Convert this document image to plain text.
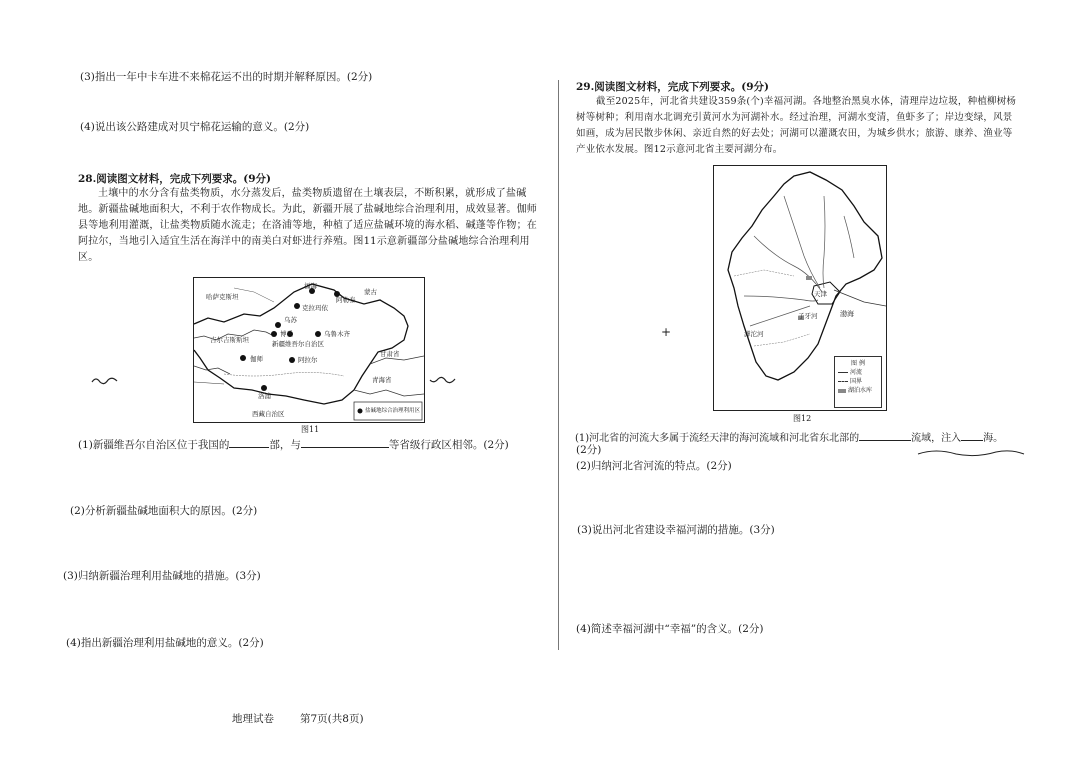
(3)指出一年中卡车进不来棉花运不出的时期并解释原因。(2分)
(4)说出该公路建成对贝宁棉花运输的意义。(2分)
28.阅读图文材料，完成下列要求。(9分)
土壤中的水分含有盐类物质，水分蒸发后，盐类物质遗留在土壤表层，不断积累，就形成了盐碱地。新疆盐碱地面积大，不利于农作物成长。为此，新疆开展了盐碱地综合治理利用，成效显著。伽师县等地利用灌溉，让盐类物质随水流走；在洛浦等地，种植了适应盐碱环境的海水稻、碱蓬等作物；在阿拉尔，当地引入适宜生活在海洋中的南美白对虾进行养殖。图11示意新疆部分盐碱地综合治理利用区。
哈萨克斯坦
福海
阿勒泰
蒙古
克拉玛依
乌苏
博乐	乌鲁木齐
吉尔吉斯斯坦	新疆维吾尔自治区
甘肃省
伽师	阿拉尔
洛浦
青海省
西藏自治区	盐碱地综合治理利用区
图11
(1)新疆维吾尔自治区位于我国的	部，与	等省级行政区相邻。(2分)
(2)分析新疆盐碱地面积大的原因。(2分)
(3)归纳新疆治理利用盐碱地的措施。(3分)
(4)指出新疆治理利用盐碱地的意义。(2分)
29.阅读图文材料，完成下列要求。(9分)
截至2025年，河北省共建设359条(个)幸福河湖。各地整治黑臭水体，清理岸边垃圾，种植柳树杨树等树种；利用南水北调充引黄河水为河湖补水。经过治理，河湖水变清，鱼虾多了；岸边变绿，风景如画，成为居民散步休闲、亲近自然的好去处；河湖可以灌溉农田，为城乡供水；旅游、康养、渔业等产业依水发展。图12示意河北省主要河湖分布。
渤海
天津
子牙河
滹沱河
图 例
河流
国界
湖泊水库
图12
(1)河北省的河流大多属于流经天津的海河流域和河北省东北部的	流域，注入 海。
(2分)
(2)归纳河北省河流的特点。(2分)
(3)说出河北省建设幸福河湖的措施。(3分)
(4)简述幸福河湖中“幸福”的含义。(2分)
+
地理试卷 第7页(共8页)
